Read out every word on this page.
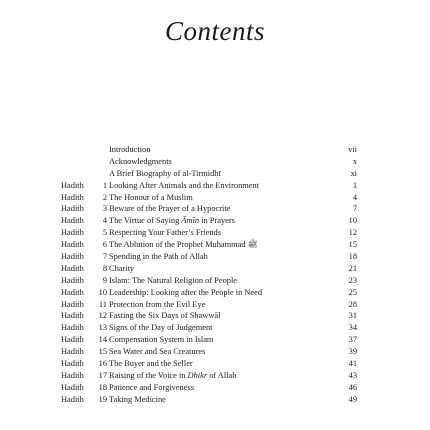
Contents
Introduction	vii
Acknowledgments	x
A Brief Biography of al-Tirmidhī	xi
Hadith	1 Looking After Animals and the Environment	1
Hadith	2 The Honour of a Muslim	4
Hadith	3 Beware of the Prayer of a Hypocrite	7
Hadith	4 The Virtue of Saying Āmīn in Prayers	10
Hadith	5 Respecting Your Father’s Friends	12
Hadith	6 The Ablution of the Prophet Muhammad ﷺ	15
Hadith	7 Spending in the Path of Allah	18
Hadith	8 Charity	21
Hadith	9 Islam: The Natural Religion of People	23
Hadith	10 Leadership: Looking after the People in Need	25
Hadith	11 Protection from the Evil Eye	28
Hadith	12 Fasting the Six Days of Shawwāl	31
Hadith	13 Signs of the Day of Judgement	34
Hadith	14 Compensation System in Islam	37
Hadith	15 Sea Water and Sea Creatures	39
Hadith	16 The Buyer and the Seller	41
Hadith	17 Raising of the Voice in Dhikr of Allah	43
Hadith	18 Patience and Forgiveness	46
Hadith	19 Taking Medicine	49
